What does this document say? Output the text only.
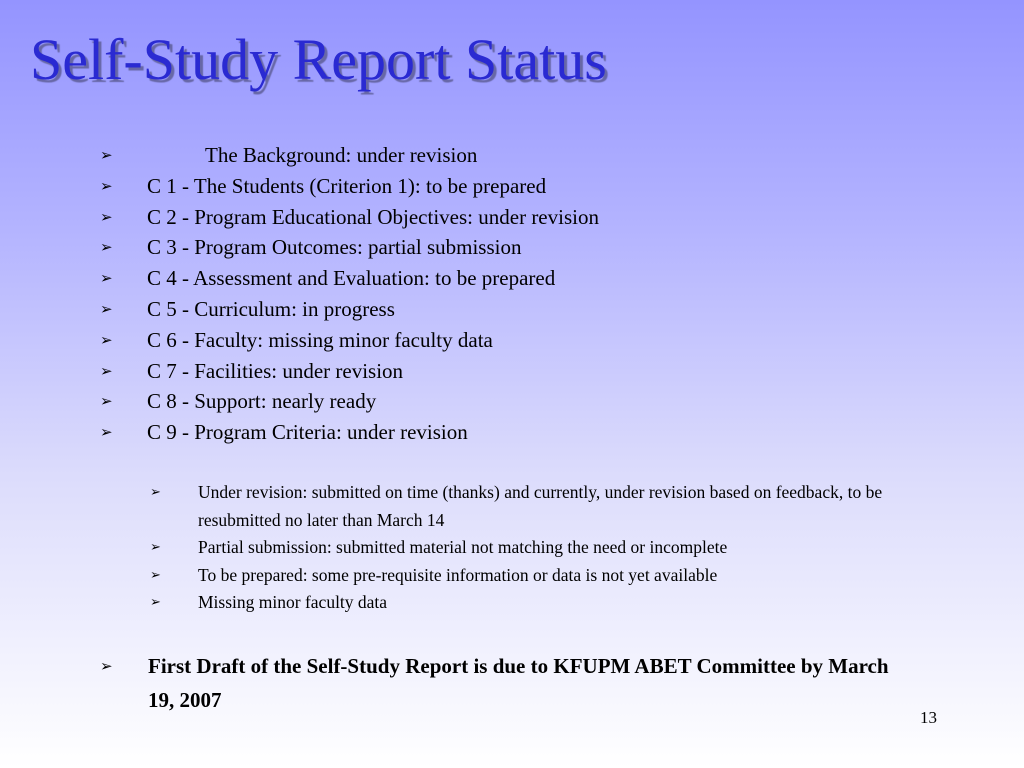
Self-Study Report Status
➢	The Background: under revision
➢ C 1 - The Students (Criterion 1): to be prepared
➢ C 2 - Program Educational Objectives: under revision
➢ C 3 - Program Outcomes: partial submission
➢ C 4 - Assessment and Evaluation: to be prepared
➢ C 5 - Curriculum: in progress
➢ C 6 - Faculty: missing minor faculty data
➢ C 7 - Facilities: under revision
➢ C 8 - Support: nearly ready
➢ C 9 - Program Criteria: under revision
➢ Under revision: submitted on time (thanks) and currently, under revision based on feedback, to be resubmitted no later than March 14
➢ Partial submission: submitted material not matching the need or incomplete
➢ To be prepared: some pre-requisite information or data is not yet available
➢ Missing minor faculty data
➢ First Draft of the Self-Study Report is due to KFUPM ABET Committee by March 19, 2007
13
